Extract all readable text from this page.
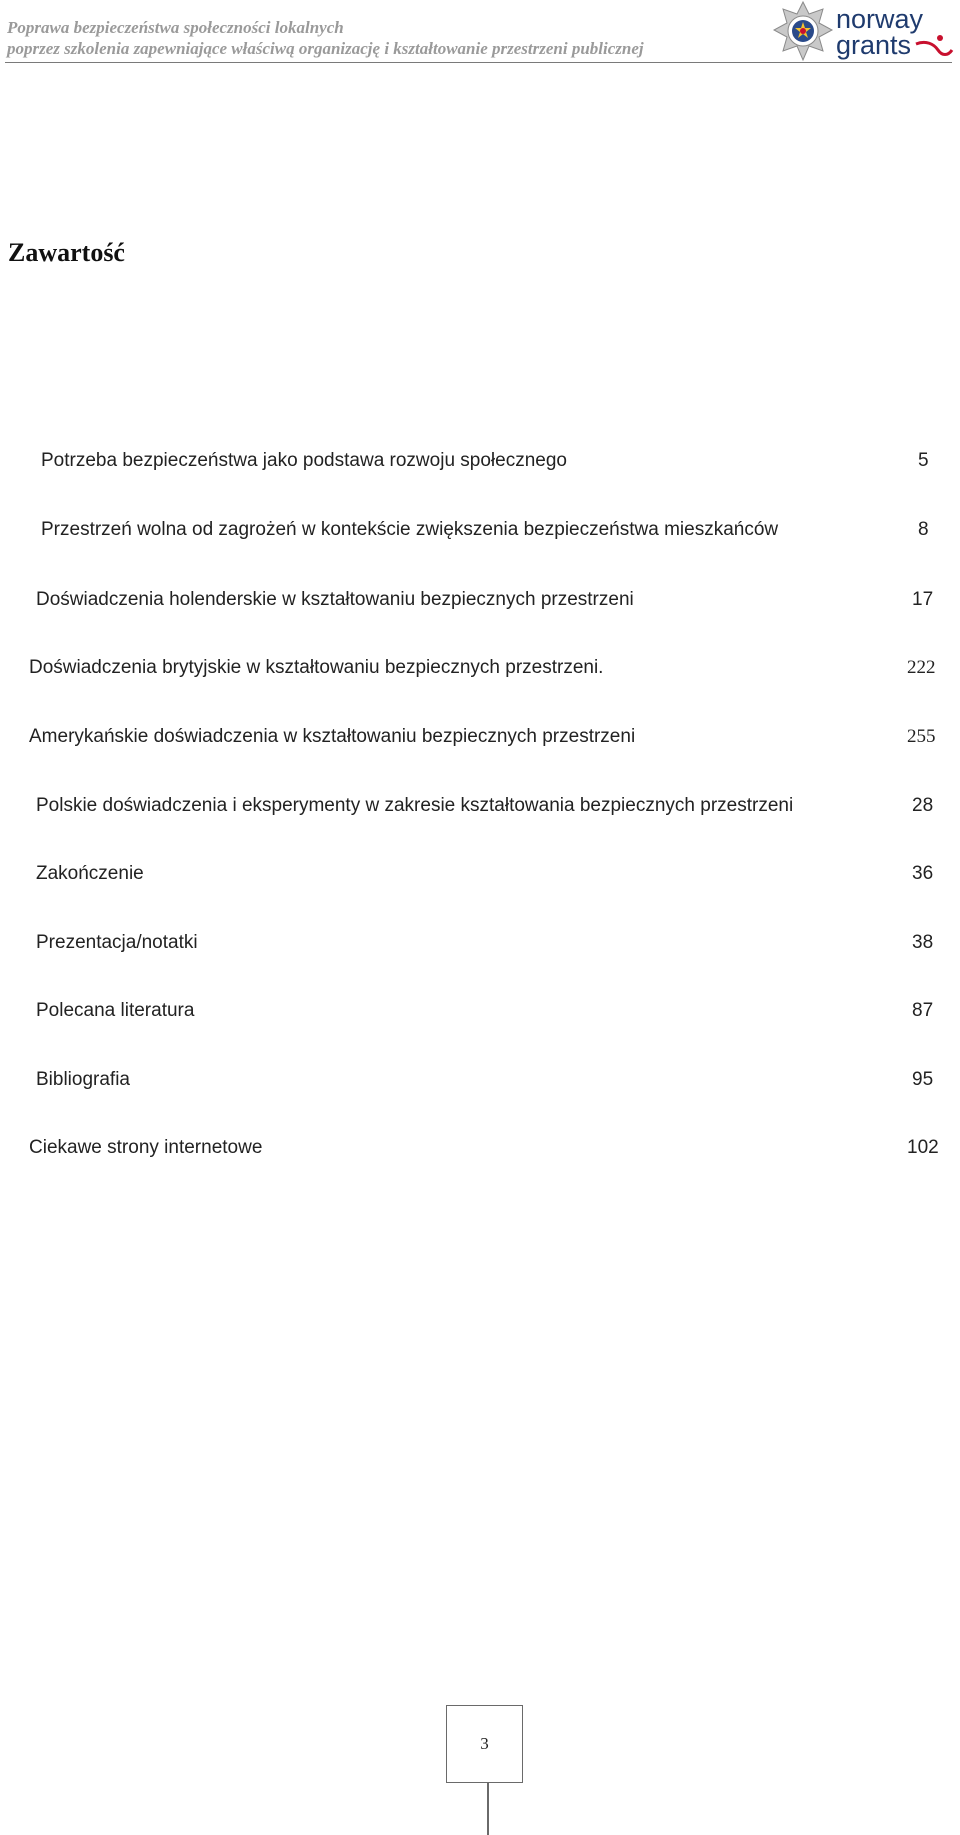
Poprawa bezpieczeństwa społeczności lokalnych
poprzez szkolenia zapewniające właściwą organizację i kształtowanie przestrzeni publicznej
norway
grants
Zawartość
Potrzeba bezpieczeństwa jako podstawa rozwoju społecznego	5
Przestrzeń wolna od zagrożeń w kontekście zwiększenia bezpieczeństwa mieszkańców	8
Doświadczenia holenderskie w kształtowaniu bezpiecznych przestrzeni	17
Doświadczenia brytyjskie w kształtowaniu bezpiecznych przestrzeni.	222
Amerykańskie doświadczenia w kształtowaniu bezpiecznych przestrzeni	255
Polskie doświadczenia i eksperymenty w zakresie kształtowania bezpiecznych przestrzeni	28
Zakończenie	36
Prezentacja/notatki	38
Polecana literatura	87
Bibliografia	95
Ciekawe strony internetowe	102
3
